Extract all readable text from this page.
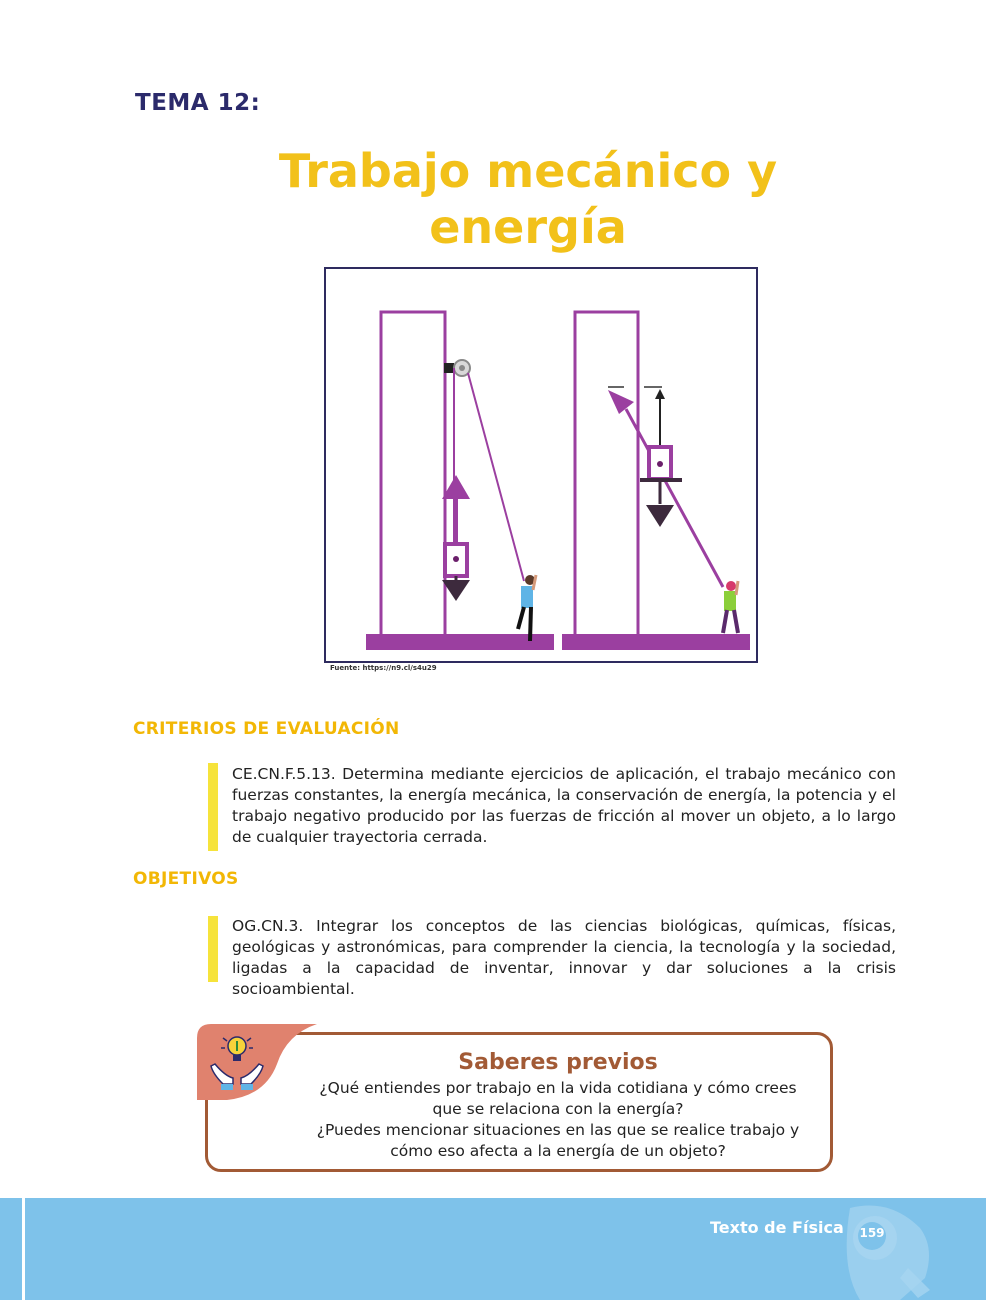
TEMA 12:
Trabajo mecánico y
energía
Fuente: https://n9.cl/s4u29
CRITERIOS DE EVALUACIÓN
CE.CN.F.5.13. Determina mediante ejercicios de aplicación, el trabajo mecánico con fuerzas constantes, la energía mecánica, la conservación de energía, la potencia y el trabajo negativo producido por las fuerzas de fricción al mover un objeto, a lo largo de cualquier trayectoria cerrada.
OBJETIVOS
OG.CN.3. Integrar los conceptos de las ciencias biológicas, químicas, físicas, geológicas y astronómicas, para comprender la ciencia, la tecnología y la sociedad, ligadas a la capacidad de inventar, innovar y dar soluciones a la crisis socioambiental.
Saberes previos
¿Qué entiendes por trabajo en la vida cotidiana y cómo crees
que se relaciona con la energía?
¿Puedes mencionar situaciones en las que se realice trabajo y
cómo eso afecta a la energía de un objeto?
Texto de Física	159
